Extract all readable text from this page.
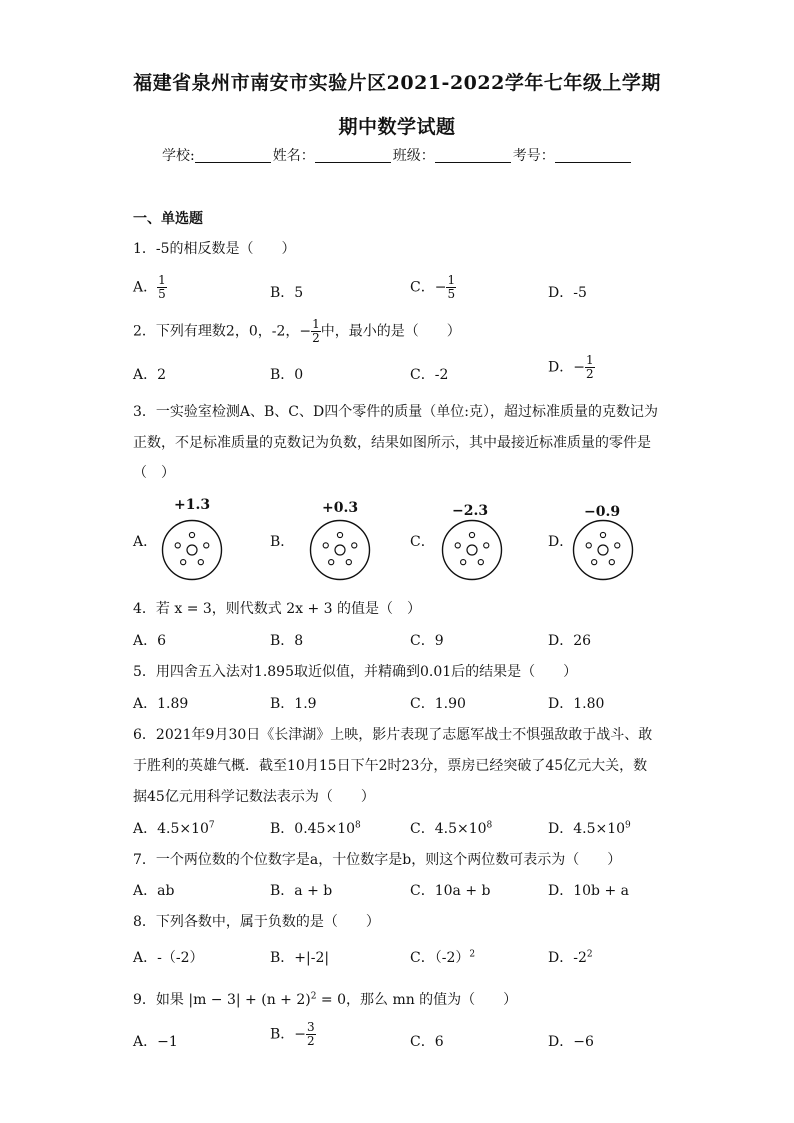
福建省泉州市南安市实验片区2021-2022学年七年级上学期
期中数学试题
学校:	姓名：	班级：	考号：
一、单选题
1．-5的相反数是（　　）
A． $\frac{1}{5}$	B．5	C．− $\frac{1}{5}$	D．-5
2．下列有理数2，0，-2，− $\frac{1}{2}$ 中，最小的是（　　）
A．2	B．0	C．-2	D．− $\frac{1}{2}$
3．一实验室检测A、B、C、D四个零件的质量（单位:克），超过标准质量的克数记为
正数，不足标准质量的克数记为负数，结果如图所示，其中最接近标准质量的零件是
（　）
A．
+1.3
B．
+0.3
C．
−2.3
D．
−0.9
4．若 x = 3，则代数式 2x + 3 的值是（　）
A．6	B．8	C．9	D．26
5．用四舍五入法对1.895取近似值，并精确到0.01后的结果是（　　）
A．1.89	B．1.9	C．1.90	D．1.80
6．2021年9月30日《长津湖》上映，影片表现了志愿军战士不惧强敌敢于战斗、敢
于胜利的英雄气概．截至10月15日下午2时23分，票房已经突破了45亿元大关，数
据45亿元用科学记数法表示为（　　）
A．$4.5\times 10^7$	B．$0.45\times 10^8$	C．$4.5\times 10^8$	D．$4.5\times 10^9$
7．一个两位数的个位数字是a，十位数字是b，则这个两位数可表示为（　　）
A．ab	B．a + b	C．10a + b	D．10b + a
8．下列各数中，属于负数的是（　　）
A．-（-2）	B．+|-2|	C．$(-2)^2$	D．$-2^2$
9．如果 $|m - 3| + (n + 2)^2 = 0$，那么 mn 的值为（　　）
A．−1	B．− $\frac{3}{2}$	C．6	D．−6
